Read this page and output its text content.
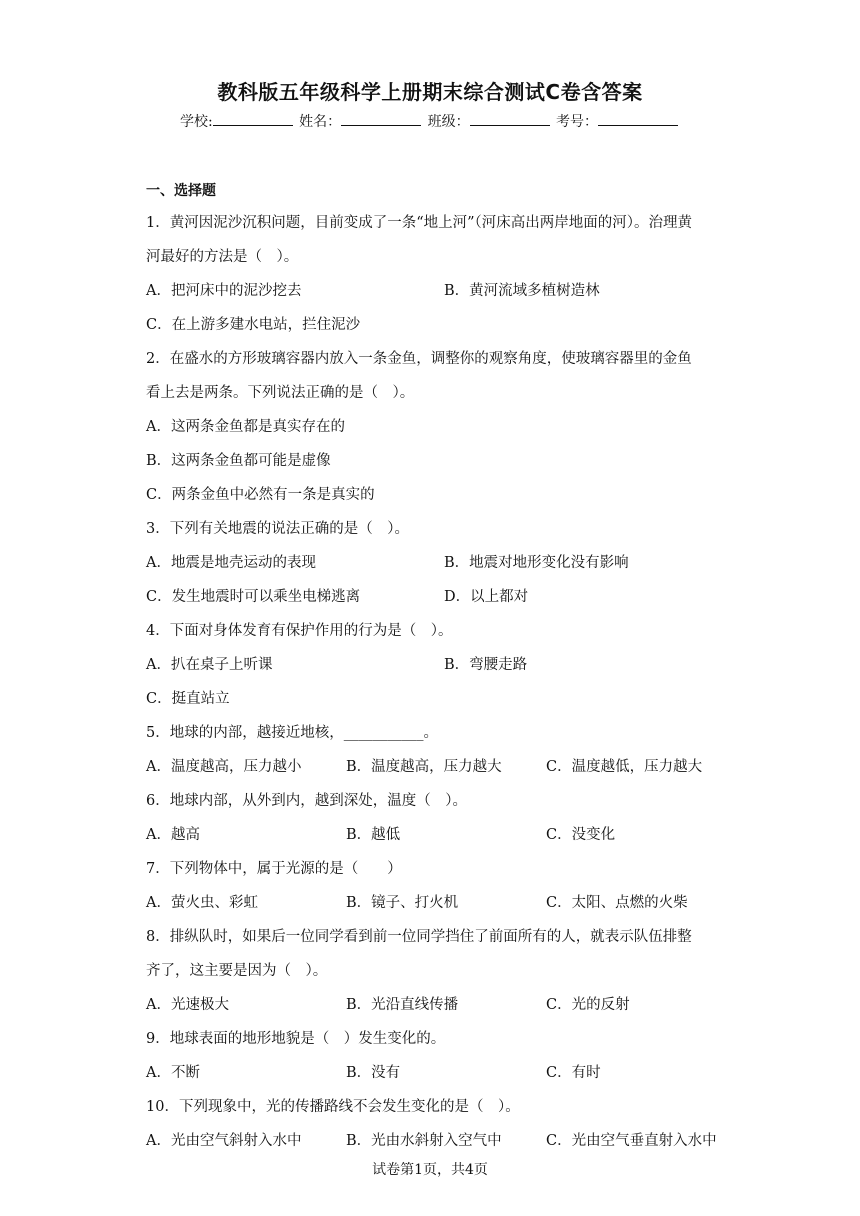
教科版五年级科学上册期末综合测试C卷含答案
学校:	姓名：	班级：	考号：
一、选择题
1．黄河因泥沙沉积问题，目前变成了一条“地上河”（河床高出两岸地面的河）。治理黄
河最好的方法是（　）。
A．把河床中的泥沙挖去	B．黄河流域多植树造林
C．在上游多建水电站，拦住泥沙
2．在盛水的方形玻璃容器内放入一条金鱼，调整你的观察角度，使玻璃容器里的金鱼
看上去是两条。下列说法正确的是（　）。
A．这两条金鱼都是真实存在的
B．这两条金鱼都可能是虚像
C．两条金鱼中必然有一条是真实的
3．下列有关地震的说法正确的是（　）。
A．地震是地壳运动的表现	B．地震对地形变化没有影响
C．发生地震时可以乘坐电梯逃离	D．以上都对
4．下面对身体发育有保护作用的行为是（　）。
A．扒在桌子上听课	B．弯腰走路
C．挺直站立
5．地球的内部，越接近地核，___________。
A．温度越高，压力越小	B．温度越高，压力越大	C．温度越低，压力越大
6．地球内部，从外到内，越到深处，温度（　）。
A．越高	B．越低	C．没变化
7．下列物体中，属于光源的是（　　）
A．萤火虫、彩虹	B．镜子、打火机	C．太阳、点燃的火柴
8．排纵队时，如果后一位同学看到前一位同学挡住了前面所有的人，就表示队伍排整
齐了，这主要是因为（　）。
A．光速极大	B．光沿直线传播	C．光的反射
9．地球表面的地形地貌是（　）发生变化的。
A．不断	B．没有	C．有时
10．下列现象中，光的传播路线不会发生变化的是（　）。
A．光由空气斜射入水中	B．光由水斜射入空气中	C．光由空气垂直射入水中
试卷第1页，共4页
